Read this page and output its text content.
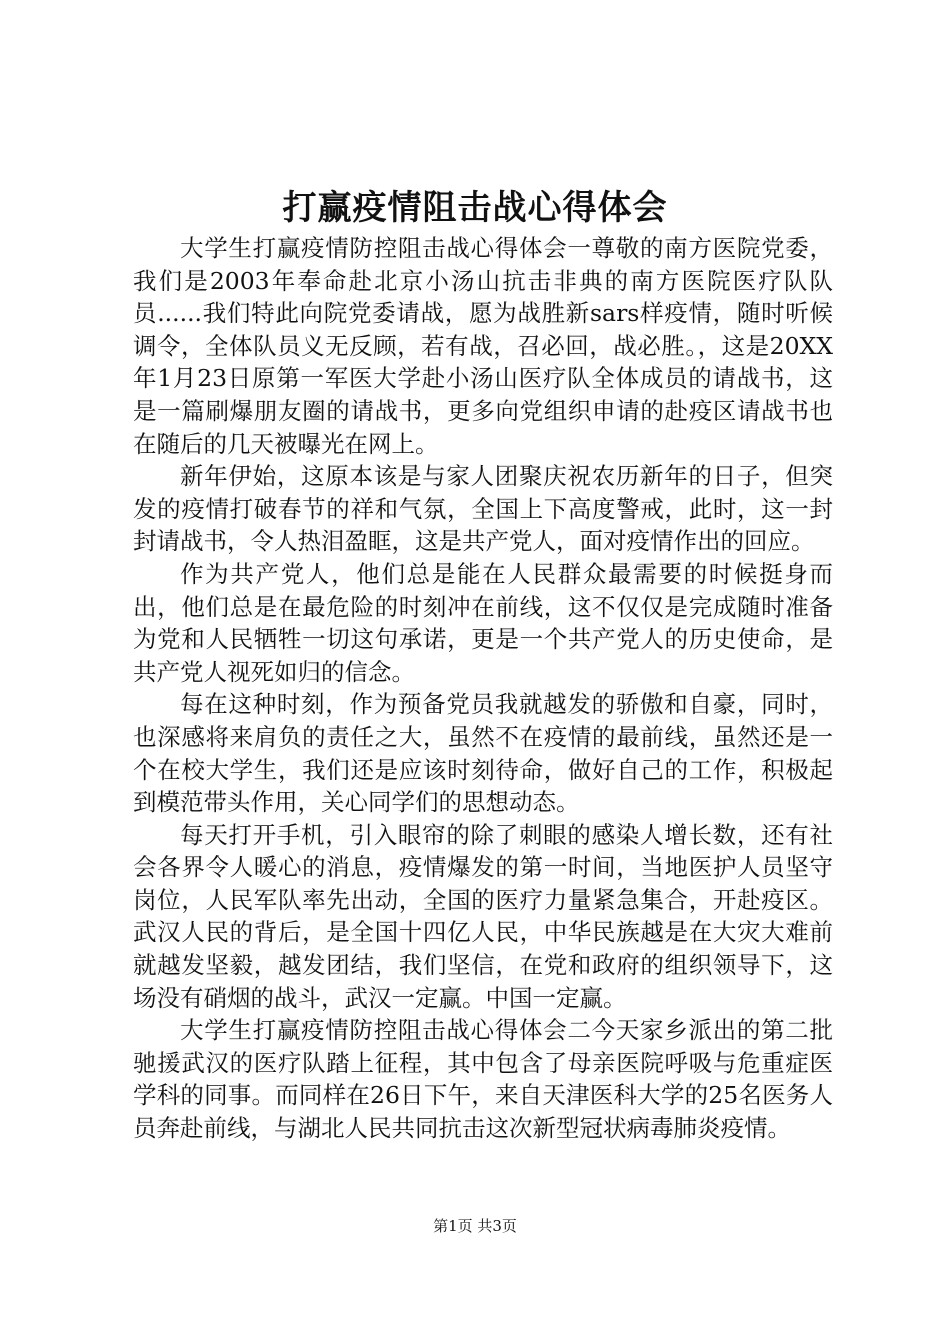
打赢疫情阻击战心得体会

大学生打赢疫情防控阻击战心得体会一尊敬的南方医院党委，我们是2003年奉命赴北京小汤山抗击非典的南方医院医疗队队员......我们特此向院党委请战，愿为战胜新sars样疫情，随时听候调令，全体队员义无反顾，若有战，召必回，战必胜。，这是20XX年1月23日原第一军医大学赴小汤山医疗队全体成员的请战书，这是一篇刷爆朋友圈的请战书，更多向党组织申请的赴疫区请战书也在随后的几天被曝光在网上。

新年伊始，这原本该是与家人团聚庆祝农历新年的日子，但突发的疫情打破春节的祥和气氛，全国上下高度警戒，此时，这一封封请战书，令人热泪盈眶，这是共产党人，面对疫情作出的回应。

作为共产党人，他们总是能在人民群众最需要的时候挺身而出，他们总是在最危险的时刻冲在前线，这不仅仅是完成随时准备为党和人民牺牲一切这句承诺，更是一个共产党人的历史使命，是共产党人视死如归的信念。

每在这种时刻，作为预备党员我就越发的骄傲和自豪，同时，也深感将来肩负的责任之大，虽然不在疫情的最前线，虽然还是一个在校大学生，我们还是应该时刻待命，做好自己的工作，积极起到模范带头作用，关心同学们的思想动态。

每天打开手机，引入眼帘的除了刺眼的感染人增长数，还有社会各界令人暖心的消息，疫情爆发的第一时间，当地医护人员坚守岗位，人民军队率先出动，全国的医疗力量紧急集合，开赴疫区。武汉人民的背后，是全国十四亿人民，中华民族越是在大灾大难前就越发坚毅，越发团结，我们坚信，在党和政府的组织领导下，这场没有硝烟的战斗，武汉一定赢。中国一定赢。

大学生打赢疫情防控阻击战心得体会二今天家乡派出的第二批驰援武汉的医疗队踏上征程，其中包含了母亲医院呼吸与危重症医学科的同事。而同样在26日下午，来自天津医科大学的25名医务人员奔赴前线，与湖北人民共同抗击这次新型冠状病毒肺炎疫情。

第1页 共3页
